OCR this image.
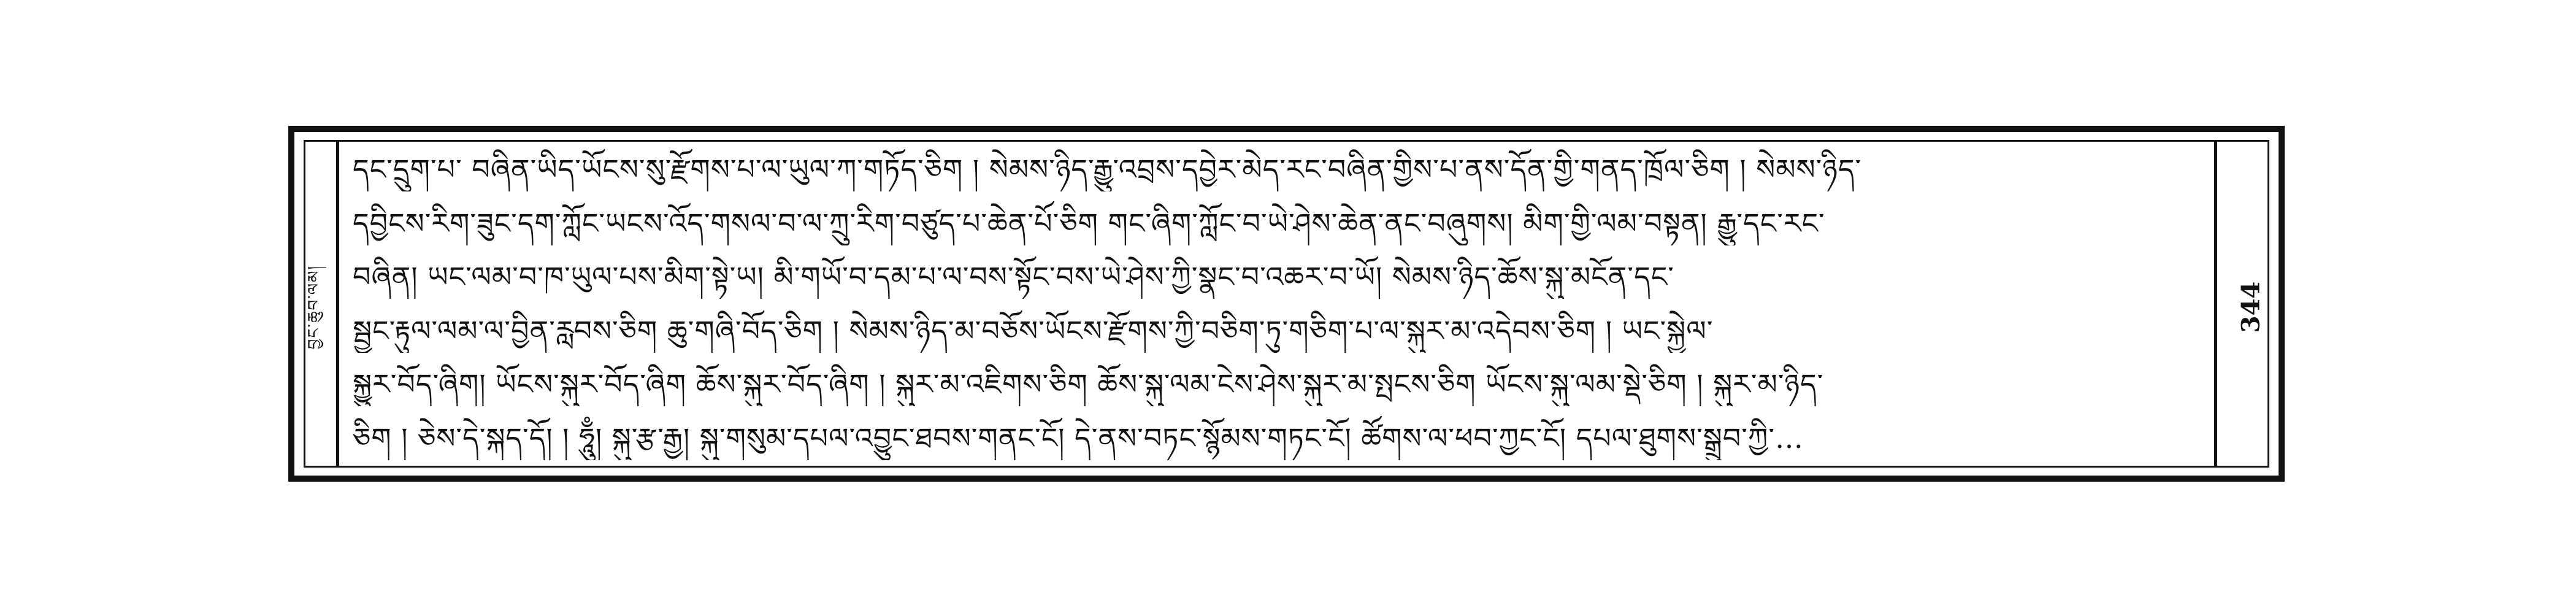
བྱང་ཆུབ་ལམ།	344
དང་དྲུག་པ་ བཞིན་ཡིད་ཡོངས་སུ་རྫོགས་པ་ལ་ཡུལ་ཀ་གཏོད་ཅིག ། སེམས་ཉིད་རྒྱུ་འབྲས་དབྱེར་མེད་རང་བཞིན་གྱིས་པ་ནས་དོན་གྱི་གནད་ཁྲོལ་ཅིག ། སེམས་ཉིད་
དབྱིངས་རིག་ཟུང་དག་ཀློང་ཡངས་འོད་གསལ་བ་ལ་ཀྲུ་རིག་བཙུད་པ་ཆེན་པོ་ཅིག གང་ཞིག་ཀློང་བ་ཡེ་ཤེས་ཆེན་ནང་བཞུགས། མིག་གྱི་ལམ་བསྟན། རྒྱུ་དང་རང་
བཞིན། ཡང་ལམ་བ་ཁ་ཡུལ་པས་མིག་སྟེ་ཡ། མི་གཡོ་བ་དམ་པ་ལ་བས་སྟོང་བས་ཡེ་ཤེས་ཀྱི་སྣང་བ་འཆར་བ་ཡོ། སེམས་ཉིད་ཆོས་སྐུ་མངོན་དང་
སྦྱང་རྟུལ་ལམ་ལ་བྱིན་རླབས་ཅིག ཆུ་གཞི་བོད་ཅིག ། སེམས་ཉིད་མ་བཅོས་ཡོངས་རྫོགས་ཀྱི་བཅིག་ཏུ་གཅིག་པ་ལ་སྐུར་མ་འདེབས་ཅིག ། ཡང་སྐྱེལ་
སྐྱུར་བོད་ཞིག། ཡོངས་སྐུར་བོད་ཞིག ཆོས་སྐུར་བོད་ཞིག ། སྐུར་མ་འཇིགས་ཅིག ཆོས་སྐུ་ལམ་ངེས་ཤེས་སྐུར་མ་སྤངས་ཅིག ཡོངས་སྐུ་ལམ་སྡེ་ཅིག ། སྐུར་མ་ཉིད་
ཅིག ། ཅེས་དེ་སྐད་དོ། ། ཧཱུྃ། སྐུ་རྩ་རྒྱ། སྐུ་གསུམ་དཔལ་འབྱུང་ཐབས་གནང་ངོ། དེ་ནས་བཏང་སྙོམས་གཏང་ངོ། ཚོགས་ལ་ཕབ་ཀྱང་ངོ། དཔལ་ཐུགས་སྒྲུབ་ཀྱི་…
